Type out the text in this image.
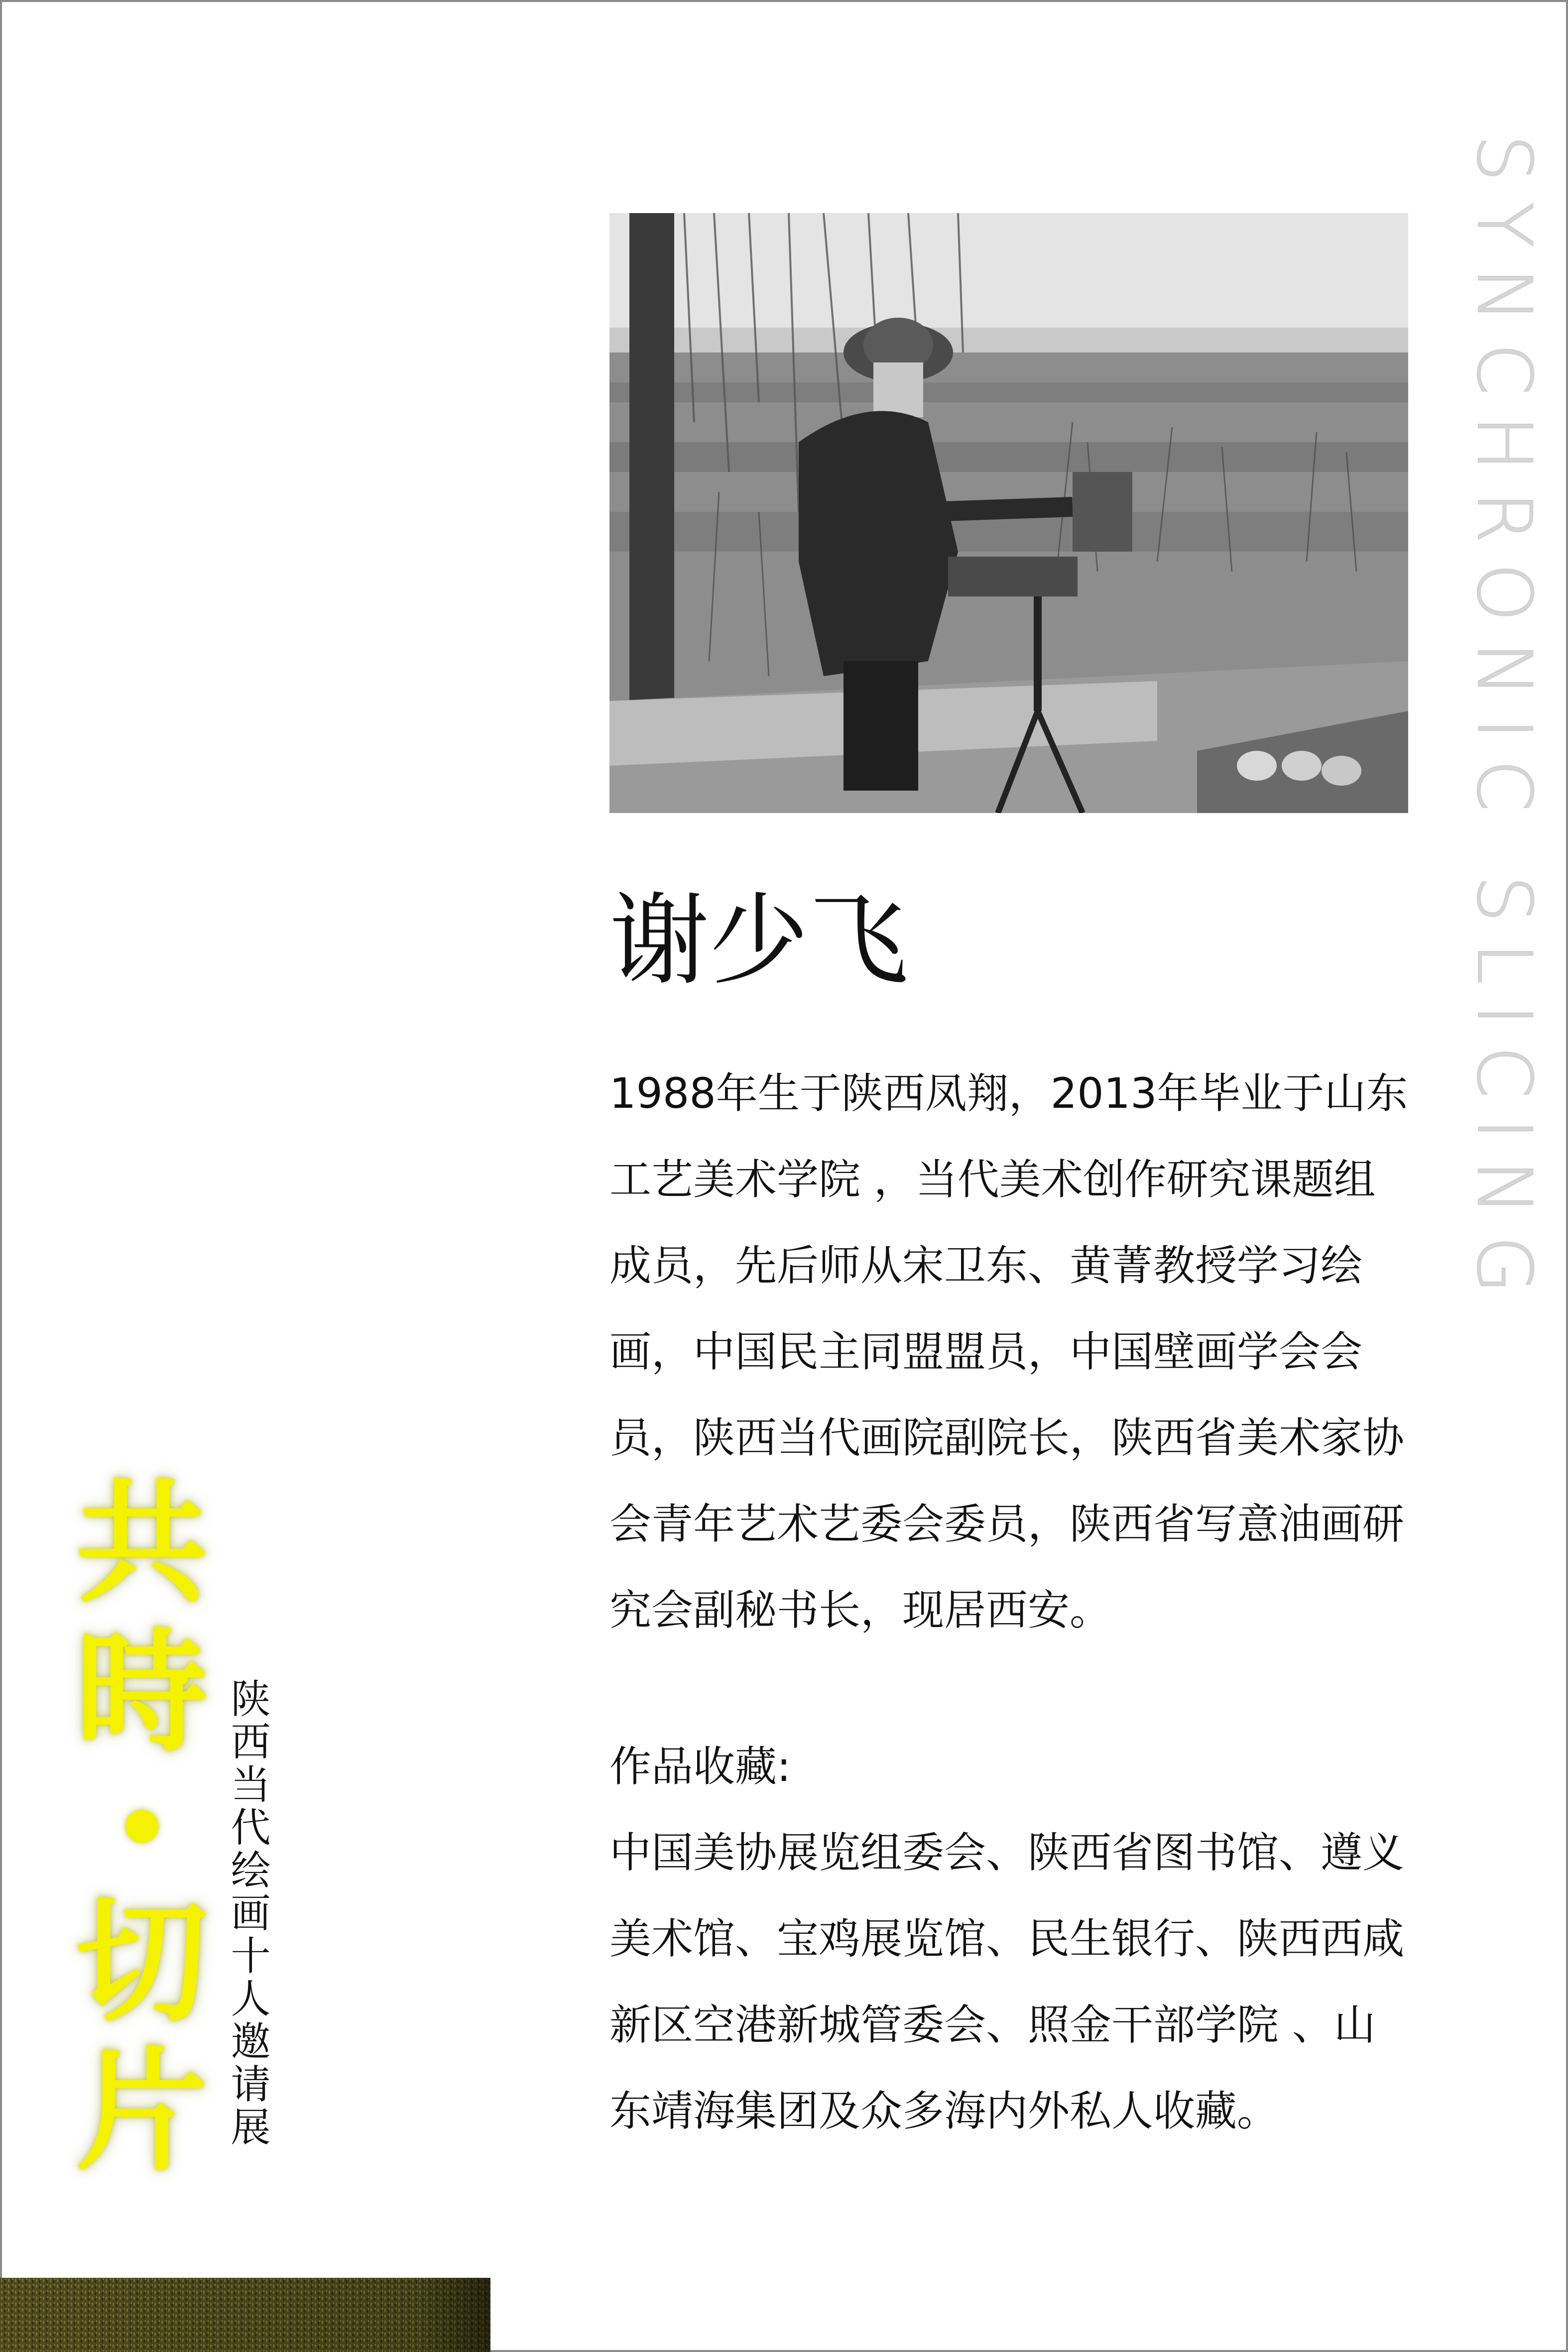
SYNCHRONIC SLICING
谢少飞

1988年生于陕西凤翔，2013年毕业于山东工艺美术学院 ，当代美术创作研究课题组成员，先后师从宋卫东、黄菁教授学习绘画，中国民主同盟盟员，中国壁画学会会员，陕西当代画院副院长，陕西省美术家协会青年艺术艺委会委员，陕西省写意油画研究会副秘书长，现居西安。

作品收藏:

中国美协展览组委会、陕西省图书馆、遵义美术馆、宝鸡展览馆、民生银行、陕西西咸新区空港新城管委会、照金干部学院 、山东靖海集团及众多海内外私人收藏。

共
時
切
片 陕西当代绘画十人邀请展
